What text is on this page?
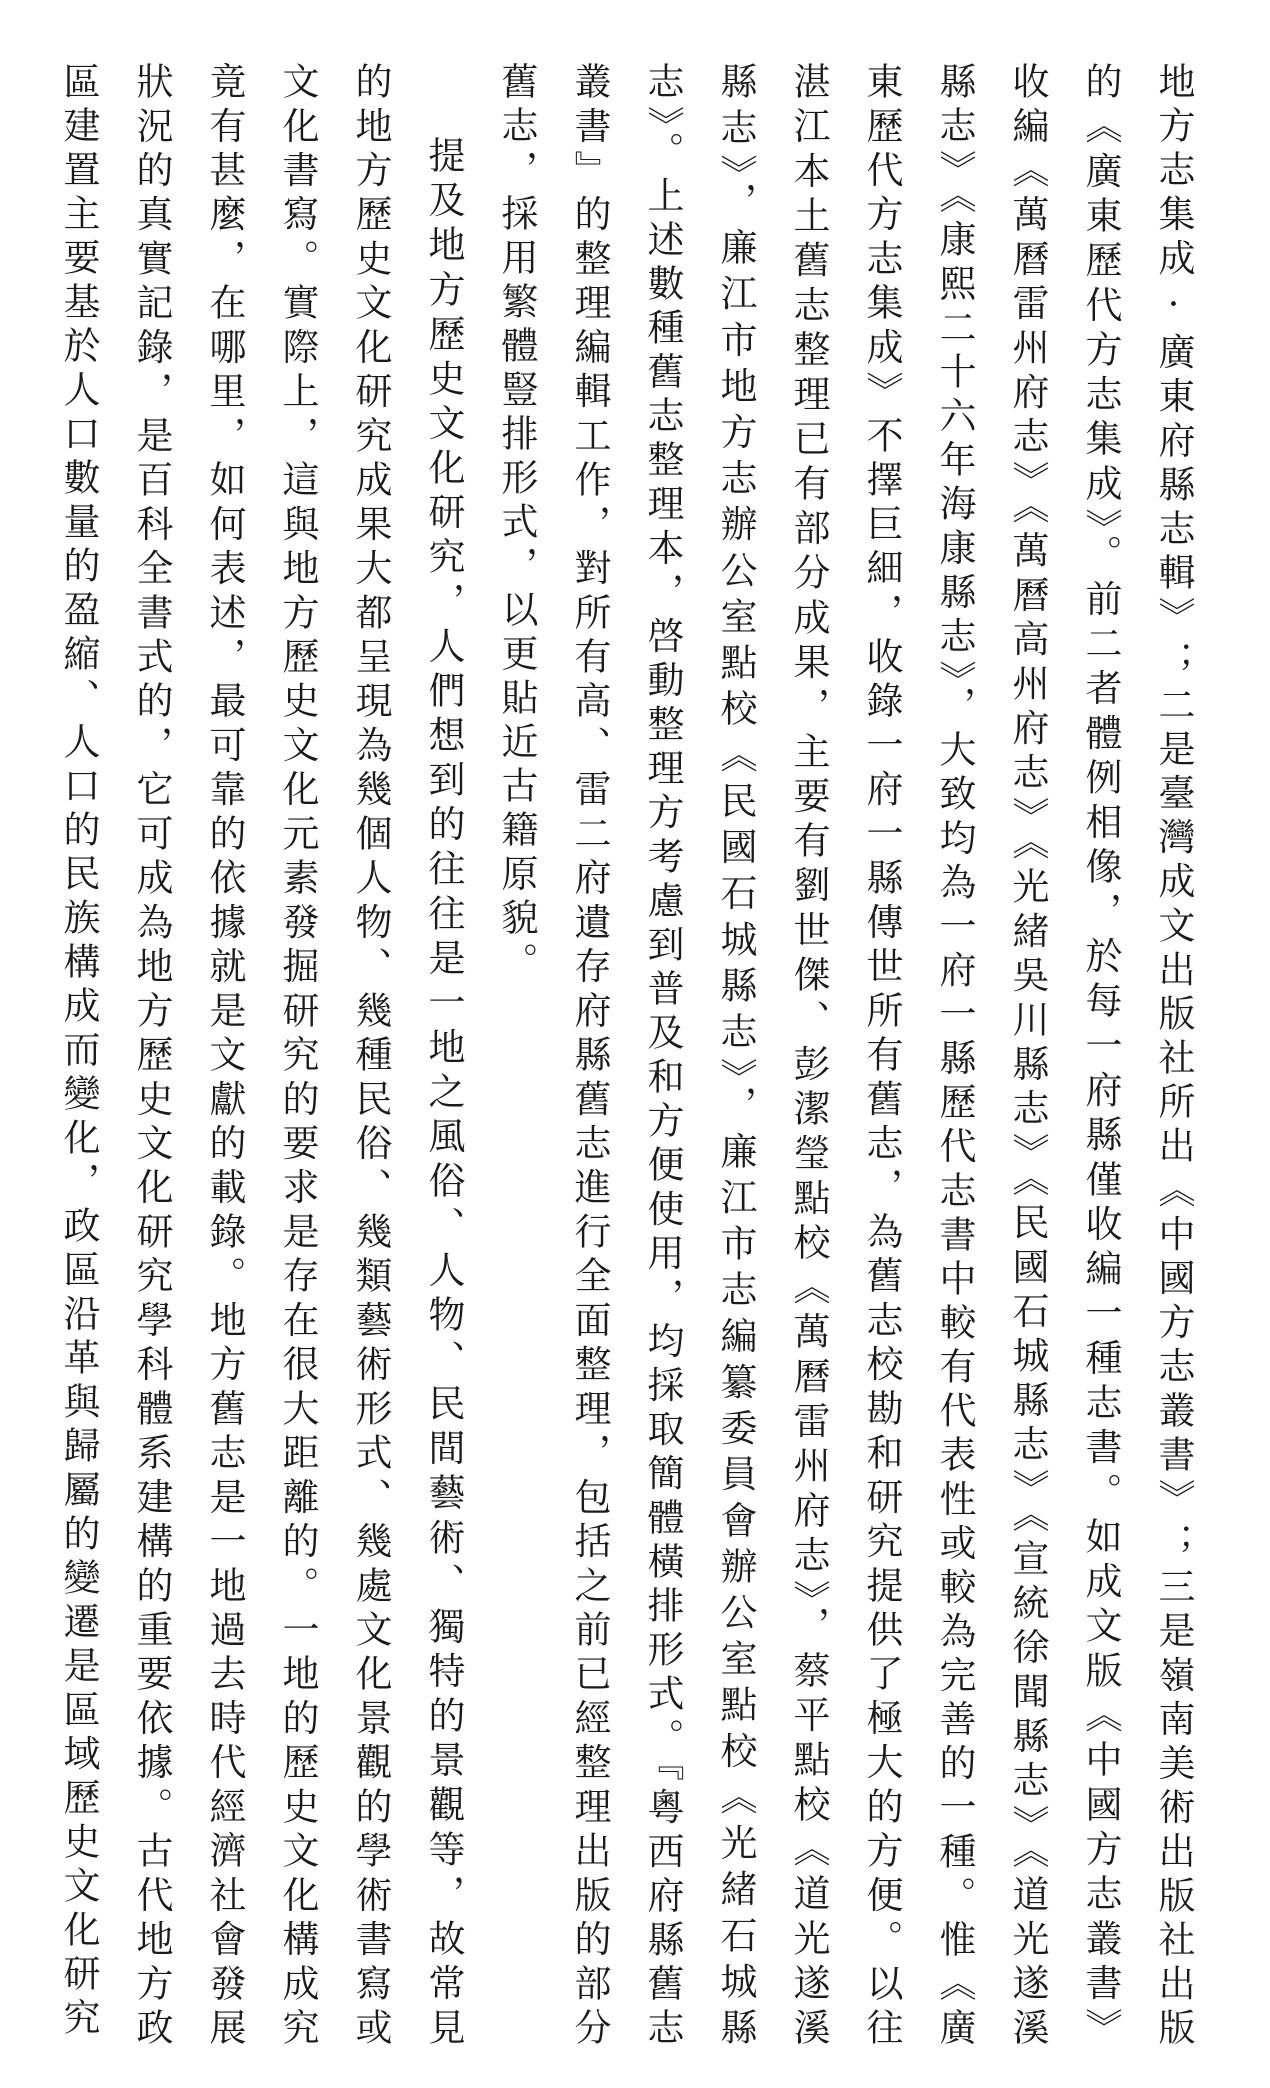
地方志集成·廣東府縣志輯》；二是臺灣成文出版社所出《中國方志叢書》；三是嶺南美術出版社出版的《廣東歷代方志集成》。前二者體例相像，於每一府縣僅收編一種志書。如成文版《中國方志叢書》收編《萬曆雷州府志》《萬曆高州府志》《光緒吳川縣志》《民國石城縣志》《宣統徐聞縣志》《道光遂溪縣志》《康熙二十六年海康縣志》，大致均為一府一縣歷代志書中較有代表性或較為完善的一種。惟《廣東歷代方志集成》不擇巨細，收錄一府一縣傳世所有舊志，為舊志校勘和研究提供了極大的方便。以往湛江本土舊志整理已有部分成果，主要有劉世傑、彭潔瑩點校《萬曆雷州府志》，蔡平點校《道光遂溪縣志》，廉江市地方志辦公室點校《民國石城縣志》，廉江市志編纂委員會辦公室點校《光緒石城縣志》。上述數種舊志整理本，啓動整理方考慮到普及和方便使用，均採取簡體橫排形式。『粵西府縣舊志叢書』的整理編輯工作，對所有高、雷二府遺存府縣舊志進行全面整理，包括之前已經整理出版的部分舊志，採用繁體豎排形式，以更貼近古籍原貌。

提及地方歷史文化研究，人們想到的往往是一地之風俗、人物、民間藝術、獨特的景觀等，故常見的地方歷史文化研究成果大都呈現為幾個人物、幾種民俗、幾類藝術形式、幾處文化景觀的學術書寫或文化書寫。實際上，這與地方歷史文化元素發掘研究的要求是存在很大距離的。一地的歷史文化構成究竟有甚麼，在哪里，如何表述，最可靠的依據就是文獻的載錄。地方舊志是一地過去時代經濟社會發展狀況的真實記錄，是百科全書式的，它可成為地方歷史文化研究學科體系建構的重要依據。古代地方政區建置主要基於人口數量的盈縮、人口的民族構成而變化，政區沿革與歸屬的變遷是區域歷史文化研究
